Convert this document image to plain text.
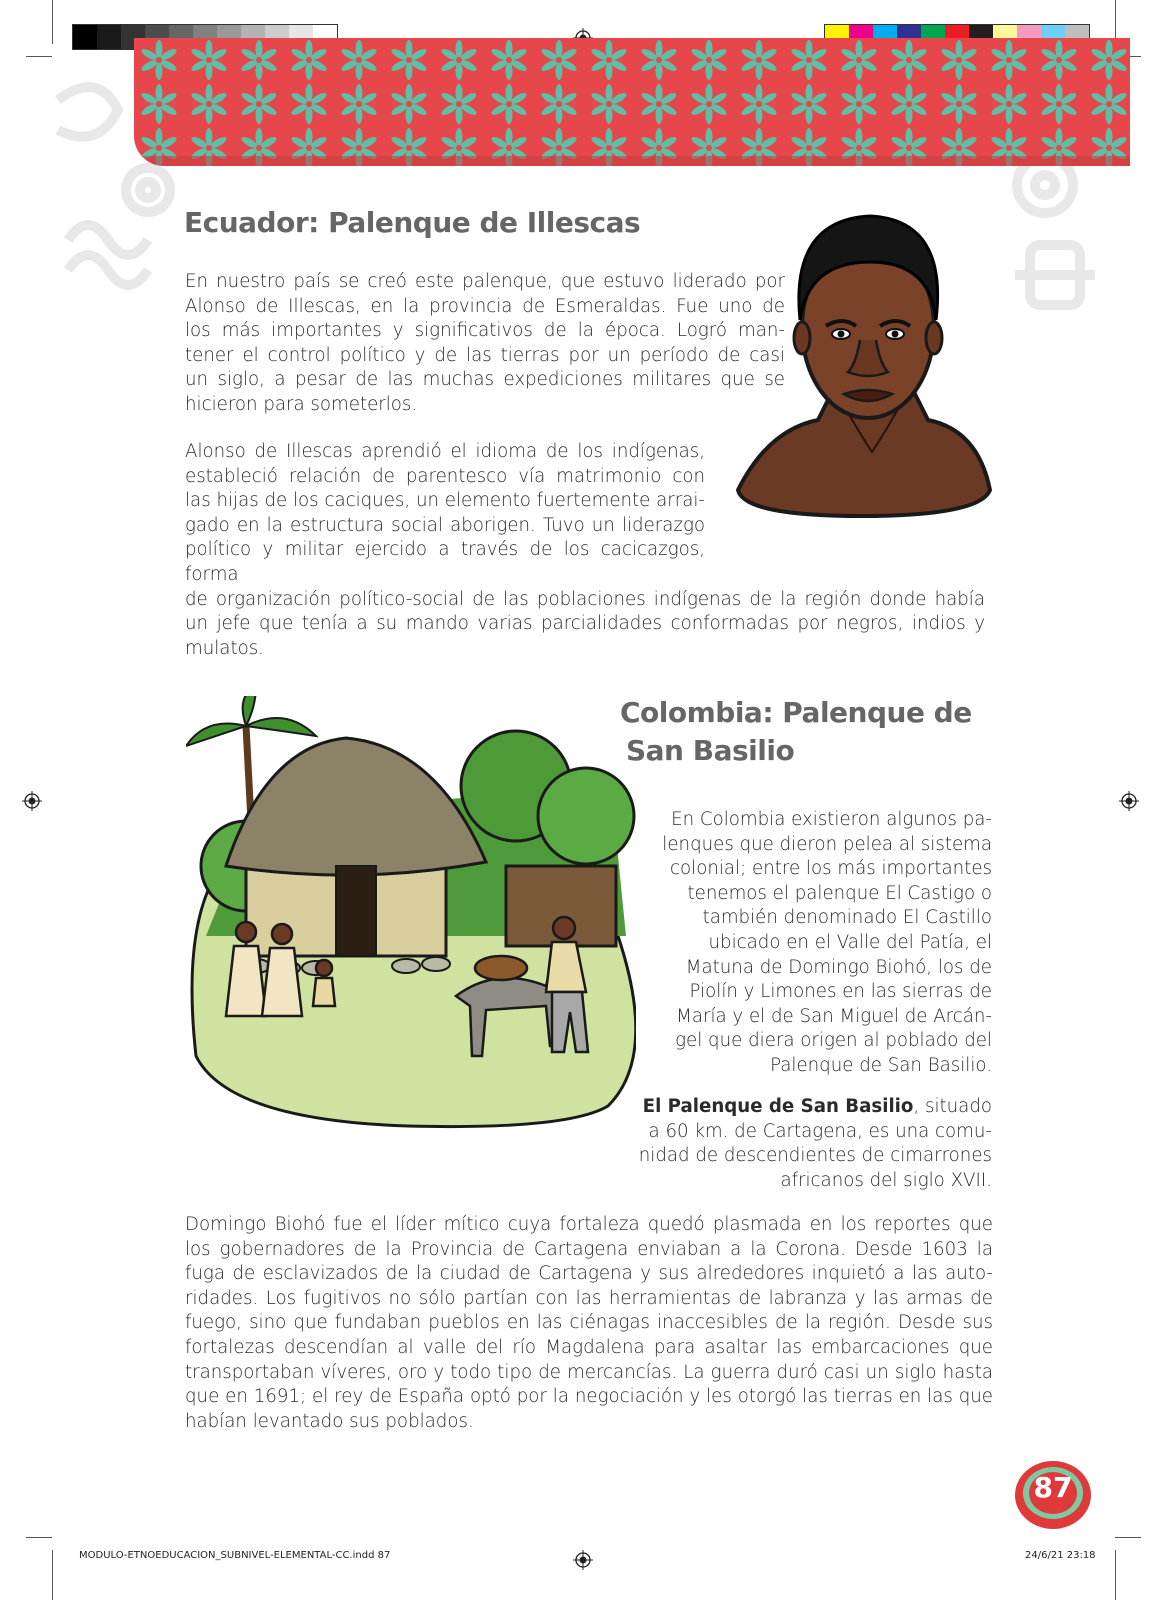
Ecuador: Palenque de Illescas

En nuestro país se creó este palenque, que estuvo liderado por
Alonso de Illescas, en la provincia de Esmeraldas. Fue uno de
los más importantes y significativos de la época. Logró man-
tener el control político y de las tierras por un período de casi
un siglo, a pesar de las muchas expediciones militares que se
hicieron para someterlos.

Alonso de Illescas aprendió el idioma de los indígenas,
estableció relación de parentesco vía matrimonio con
las hijas de los caciques, un elemento fuertemente arrai-
gado en la estructura social aborigen. Tuvo un liderazgo
político y militar ejercido a través de los cacicazgos, forma
de organización político-social de las poblaciones indígenas de la región donde había
un jefe que tenía a su mando varias parcialidades conformadas por negros, indios y
mulatos.

Colombia: Palenque de
San Basilio

En Colombia existieron algunos pa-
lenques que dieron pelea al sistema
colonial; entre los más importantes
tenemos el palenque El Castigo o
también denominado El Castillo
ubicado en el Valle del Patía, el
Matuna de Domingo Biohó, los de
Piolín y Limones en las sierras de
María y el de San Miguel de Arcán-
gel que diera origen al poblado del
Palenque de San Basilio.

El Palenque de San Basilio, situado
a 60 km. de Cartagena, es una comu-
nidad de descendientes de cimarrones
africanos del siglo XVII.

Domingo Biohó fue el líder mítico cuya fortaleza quedó plasmada en los reportes que
los gobernadores de la Provincia de Cartagena enviaban a la Corona. Desde 1603 la
fuga de esclavizados de la ciudad de Cartagena y sus alrededores inquietó a las auto-
ridades. Los fugitivos no sólo partían con las herramientas de labranza y las armas de
fuego, sino que fundaban pueblos en las ciénagas inaccesibles de la región. Desde sus
fortalezas descendían al valle del río Magdalena para asaltar las embarcaciones que
transportaban víveres, oro y todo tipo de mercancías. La guerra duró casi un siglo hasta
que en 1691; el rey de España optó por la negociación y les otorgó las tierras en las que
habían levantado sus poblados.

87
MODULO-ETNOEDUCACION_SUBNIVEL-ELEMENTAL-CC.indd 87	24/6/21 23:18
